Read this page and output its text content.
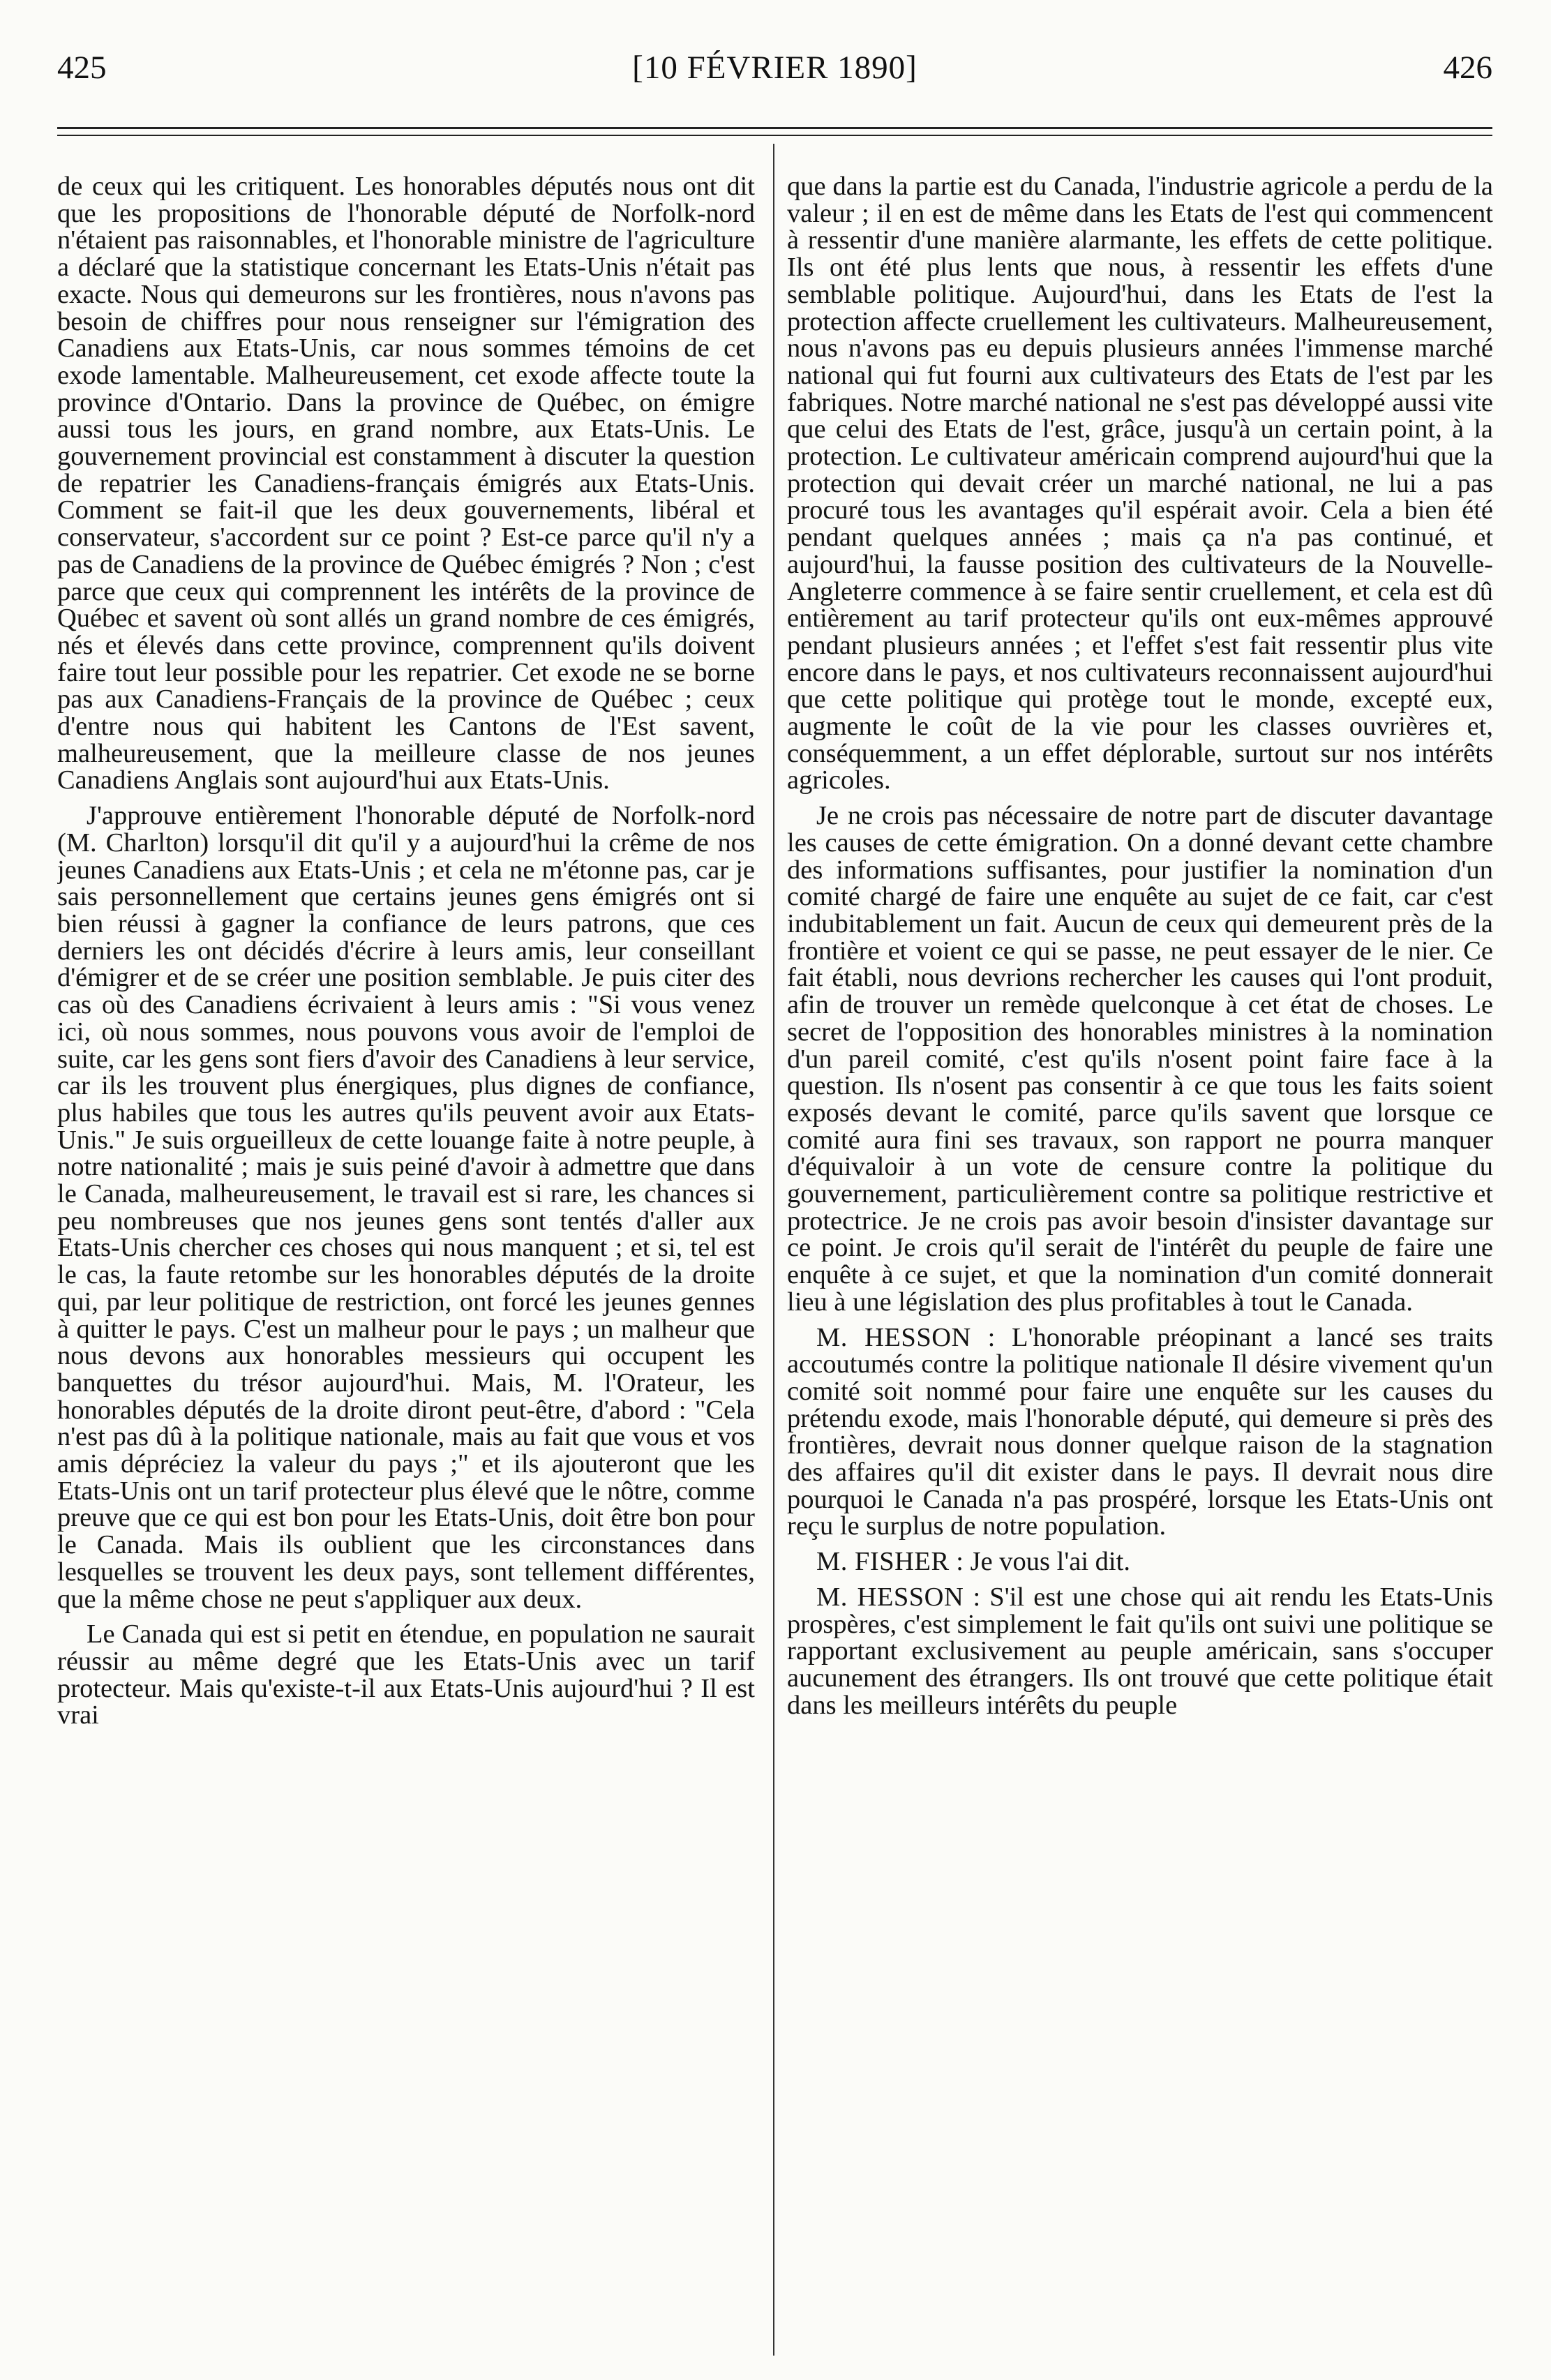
425	[10 FÉVRIER 1890]	426

de ceux qui les critiquent. Les honorables députés nous ont dit que les propositions de l'honorable député de Norfolk-nord n'étaient pas raisonnables, et l'honorable ministre de l'agriculture a déclaré que la statistique concernant les Etats-Unis n'était pas exacte. Nous qui demeurons sur les frontières, nous n'avons pas besoin de chiffres pour nous renseigner sur l'émigration des Canadiens aux Etats-Unis, car nous sommes témoins de cet exode lamentable. Malheureusement, cet exode affecte toute la province d'Ontario. Dans la province de Québec, on émigre aussi tous les jours, en grand nombre, aux Etats-Unis. Le gouvernement provincial est constamment à discuter la question de repatrier les Canadiens-français émigrés aux Etats-Unis. Comment se fait-il que les deux gouvernements, libéral et conservateur, s'accordent sur ce point ? Est-ce parce qu'il n'y a pas de Canadiens de la province de Québec émigrés ? Non ; c'est parce que ceux qui comprennent les intérêts de la province de Québec et savent où sont allés un grand nombre de ces émigrés, nés et élevés dans cette province, comprennent qu'ils doivent faire tout leur possible pour les repatrier. Cet exode ne se borne pas aux Canadiens-Français de la province de Québec ; ceux d'entre nous qui habitent les Cantons de l'Est savent, malheureusement, que la meilleure classe de nos jeunes Canadiens Anglais sont aujourd'hui aux Etats-Unis.

J'approuve entièrement l'honorable député de Norfolk-nord (M. Charlton) lorsqu'il dit qu'il y a aujourd'hui la crême de nos jeunes Canadiens aux Etats-Unis ; et cela ne m'étonne pas, car je sais personnellement que certains jeunes gens émigrés ont si bien réussi à gagner la confiance de leurs patrons, que ces derniers les ont décidés d'écrire à leurs amis, leur conseillant d'émigrer et de se créer une position semblable. Je puis citer des cas où des Canadiens écrivaient à leurs amis : "Si vous venez ici, où nous sommes, nous pouvons vous avoir de l'emploi de suite, car les gens sont fiers d'avoir des Canadiens à leur service, car ils les trouvent plus énergiques, plus dignes de confiance, plus habiles que tous les autres qu'ils peuvent avoir aux Etats-Unis." Je suis orgueilleux de cette louange faite à notre peuple, à notre nationalité ; mais je suis peiné d'avoir à admettre que dans le Canada, malheureusement, le travail est si rare, les chances si peu nombreuses que nos jeunes gens sont tentés d'aller aux Etats-Unis chercher ces choses qui nous manquent ; et si, tel est le cas, la faute retombe sur les honorables députés de la droite qui, par leur politique de restriction, ont forcé les jeunes gennes à quitter le pays. C'est un malheur pour le pays ; un malheur que nous devons aux honorables messieurs qui occupent les banquettes du trésor aujourd'hui. Mais, M. l'Orateur, les honorables députés de la droite diront peut-être, d'abord : "Cela n'est pas dû à la politique nationale, mais au fait que vous et vos amis dépréciez la valeur du pays ;" et ils ajouteront que les Etats-Unis ont un tarif protecteur plus élevé que le nôtre, comme preuve que ce qui est bon pour les Etats-Unis, doit être bon pour le Canada. Mais ils oublient que les circonstances dans lesquelles se trouvent les deux pays, sont tellement différentes, que la même chose ne peut s'appliquer aux deux.

Le Canada qui est si petit en étendue, en population ne saurait réussir au même degré que les Etats-Unis avec un tarif protecteur. Mais qu'existe-t-il aux Etats-Unis aujourd'hui ? Il est vrai

que dans la partie est du Canada, l'industrie agricole a perdu de la valeur ; il en est de même dans les Etats de l'est qui commencent à ressentir d'une manière alarmante, les effets de cette politique. Ils ont été plus lents que nous, à ressentir les effets d'une semblable politique. Aujourd'hui, dans les Etats de l'est la protection affecte cruellement les cultivateurs. Malheureusement, nous n'avons pas eu depuis plusieurs années l'immense marché national qui fut fourni aux cultivateurs des Etats de l'est par les fabriques. Notre marché national ne s'est pas développé aussi vite que celui des Etats de l'est, grâce, jusqu'à un certain point, à la protection. Le cultivateur américain comprend aujourd'hui que la protection qui devait créer un marché national, ne lui a pas procuré tous les avantages qu'il espérait avoir. Cela a bien été pendant quelques années ; mais ça n'a pas continué, et aujourd'hui, la fausse position des cultivateurs de la Nouvelle-Angleterre commence à se faire sentir cruellement, et cela est dû entièrement au tarif protecteur qu'ils ont eux-mêmes approuvé pendant plusieurs années ; et l'effet s'est fait ressentir plus vite encore dans le pays, et nos cultivateurs reconnaissent aujourd'hui que cette politique qui protège tout le monde, excepté eux, augmente le coût de la vie pour les classes ouvrières et, conséquemment, a un effet déplorable, surtout sur nos intérêts agricoles.

Je ne crois pas nécessaire de notre part de discuter davantage les causes de cette émigration. On a donné devant cette chambre des informations suffisantes, pour justifier la nomination d'un comité chargé de faire une enquête au sujet de ce fait, car c'est indubitablement un fait. Aucun de ceux qui demeurent près de la frontière et voient ce qui se passe, ne peut essayer de le nier. Ce fait établi, nous devrions rechercher les causes qui l'ont produit, afin de trouver un remède quelconque à cet état de choses. Le secret de l'opposition des honorables ministres à la nomination d'un pareil comité, c'est qu'ils n'osent point faire face à la question. Ils n'osent pas consentir à ce que tous les faits soient exposés devant le comité, parce qu'ils savent que lorsque ce comité aura fini ses travaux, son rapport ne pourra manquer d'équivaloir à un vote de censure contre la politique du gouvernement, particulièrement contre sa politique restrictive et protectrice. Je ne crois pas avoir besoin d'insister davantage sur ce point. Je crois qu'il serait de l'intérêt du peuple de faire une enquête à ce sujet, et que la nomination d'un comité donnerait lieu à une législation des plus profitables à tout le Canada.

M. HESSON : L'honorable préopinant a lancé ses traits accoutumés contre la politique nationale Il désire vivement qu'un comité soit nommé pour faire une enquête sur les causes du prétendu exode, mais l'honorable député, qui demeure si près des frontières, devrait nous donner quelque raison de la stagnation des affaires qu'il dit exister dans le pays. Il devrait nous dire pourquoi le Canada n'a pas prospéré, lorsque les Etats-Unis ont reçu le surplus de notre population.

M. FISHER : Je vous l'ai dit.

M. HESSON : S'il est une chose qui ait rendu les Etats-Unis prospères, c'est simplement le fait qu'ils ont suivi une politique se rapportant exclusivement au peuple américain, sans s'occuper aucunement des étrangers. Ils ont trouvé que cette politique était dans les meilleurs intérêts du peuple
